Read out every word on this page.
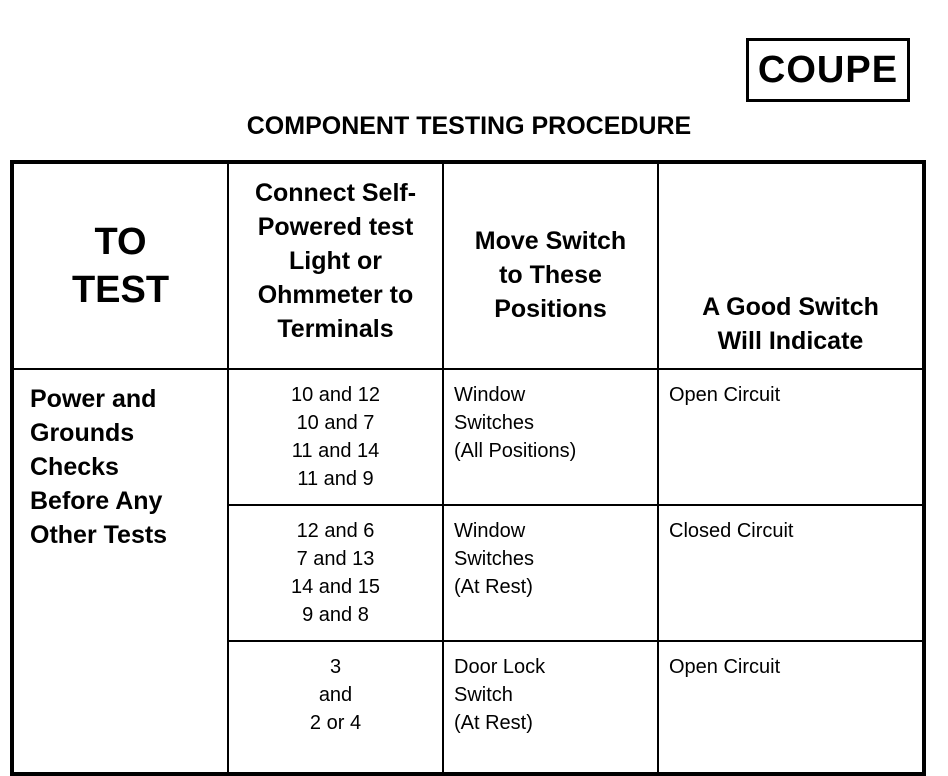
COUPE
COMPONENT TESTING PROCEDURE
TO
TEST	Connect Self-
Powered test
Light or
Ohmmeter to
Terminals	Move Switch
to These
Positions	A Good Switch
Will Indicate

Power and
Grounds
Checks
Before Any
Other Tests	10 and 12
10 and 7
11 and 14
11 and 9	Window
Switches
(All Positions)	Open Circuit

	12 and 6
7 and 13
14 and 15
9 and 8	Window
Switches
(At Rest)	Closed Circuit

	3
and
2 or 4	Door Lock
Switch
(At Rest)	Open Circuit
